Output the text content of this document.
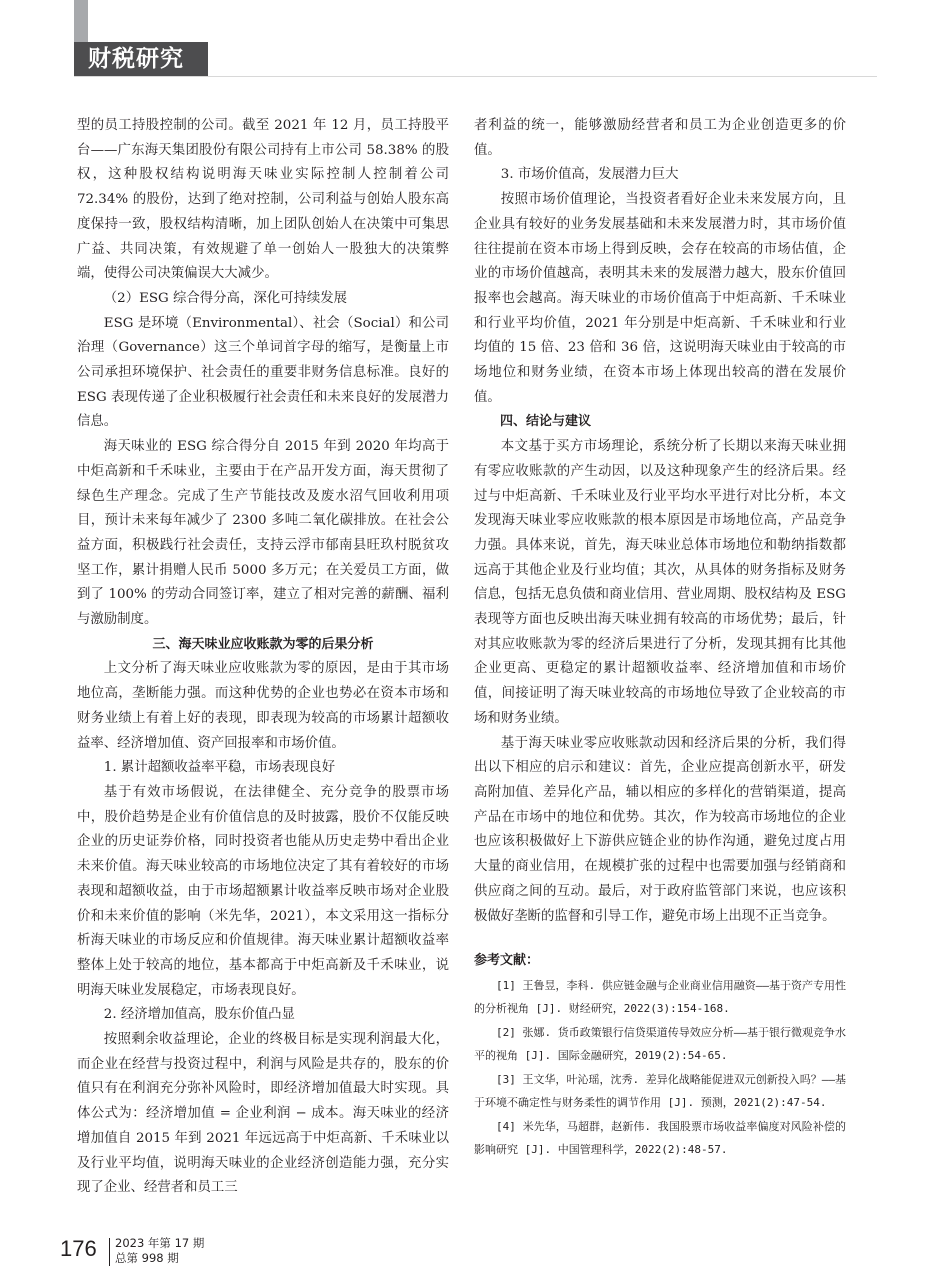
财税研究

型的员工持股控制的公司。截至 2021 年 12 月，员工持股平台——广东海天集团股份有限公司持有上市公司 58.38% 的股权，这种股权结构说明海天味业实际控制人控制着公司 72.34% 的股份，达到了绝对控制，公司利益与创始人股东高度保持一致，股权结构清晰，加上团队创始人在决策中可集思广益、共同决策，有效规避了单一创始人一股独大的决策弊端，使得公司决策偏误大大减少。

（2）ESG 综合得分高，深化可持续发展

ESG 是环境（Environmental）、社会（Social）和公司治理（Governance）这三个单词首字母的缩写，是衡量上市公司承担环境保护、社会责任的重要非财务信息标准。良好的 ESG 表现传递了企业积极履行社会责任和未来良好的发展潜力信息。

海天味业的 ESG 综合得分自 2015 年到 2020 年均高于中炬高新和千禾味业，主要由于在产品开发方面，海天贯彻了绿色生产理念。完成了生产节能技改及废水沼气回收利用项目，预计未来每年减少了 2300 多吨二氧化碳排放。在社会公益方面，积极践行社会责任，支持云浮市郁南县旺玖村脱贫攻坚工作，累计捐赠人民币 5000 多万元；在关爱员工方面，做到了 100% 的劳动合同签订率，建立了相对完善的薪酬、福利与激励制度。

三、海天味业应收账款为零的后果分析

上文分析了海天味业应收账款为零的原因，是由于其市场地位高，垄断能力强。而这种优势的企业也势必在资本市场和财务业绩上有着上好的表现，即表现为较高的市场累计超额收益率、经济增加值、资产回报率和市场价值。

1. 累计超额收益率平稳，市场表现良好

基于有效市场假说，在法律健全、充分竞争的股票市场中，股价趋势是企业有价值信息的及时披露，股价不仅能反映企业的历史证券价格，同时投资者也能从历史走势中看出企业未来价值。海天味业较高的市场地位决定了其有着较好的市场表现和超额收益，由于市场超额累计收益率反映市场对企业股价和未来价值的影响（米先华，2021），本文采用这一指标分析海天味业的市场反应和价值规律。海天味业累计超额收益率整体上处于较高的地位，基本都高于中炬高新及千禾味业，说明海天味业发展稳定，市场表现良好。

2. 经济增加值高，股东价值凸显

按照剩余收益理论，企业的终极目标是实现利润最大化，而企业在经营与投资过程中，利润与风险是共存的，股东的价值只有在利润充分弥补风险时，即经济增加值最大时实现。具体公式为：经济增加值 = 企业利润 − 成本。海天味业的经济增加值自 2015 年到 2021 年远远高于中炬高新、千禾味业以及行业平均值，说明海天味业的企业经济创造能力强，充分实现了企业、经营者和员工三

者利益的统一，能够激励经营者和员工为企业创造更多的价值。

3. 市场价值高，发展潜力巨大

按照市场价值理论，当投资者看好企业未来发展方向，且企业具有较好的业务发展基础和未来发展潜力时，其市场价值往往提前在资本市场上得到反映，会存在较高的市场估值，企业的市场价值越高，表明其未来的发展潜力越大，股东价值回报率也会越高。海天味业的市场价值高于中炬高新、千禾味业和行业平均价值，2021 年分别是中炬高新、千禾味业和行业均值的 15 倍、23 倍和 36 倍，这说明海天味业由于较高的市场地位和财务业绩，在资本市场上体现出较高的潜在发展价值。

四、结论与建议

本文基于买方市场理论，系统分析了长期以来海天味业拥有零应收账款的产生动因，以及这种现象产生的经济后果。经过与中炬高新、千禾味业及行业平均水平进行对比分析，本文发现海天味业零应收账款的根本原因是市场地位高，产品竞争力强。具体来说，首先，海天味业总体市场地位和勒纳指数都远高于其他企业及行业均值；其次，从具体的财务指标及财务信息，包括无息负债和商业信用、营业周期、股权结构及 ESG 表现等方面也反映出海天味业拥有较高的市场优势；最后，针对其应收账款为零的经济后果进行了分析，发现其拥有比其他企业更高、更稳定的累计超额收益率、经济增加值和市场价值，间接证明了海天味业较高的市场地位导致了企业较高的市场和财务业绩。

基于海天味业零应收账款动因和经济后果的分析，我们得出以下相应的启示和建议：首先，企业应提高创新水平，研发高附加值、差异化产品，辅以相应的多样化的营销渠道，提高产品在市场中的地位和优势。其次，作为较高市场地位的企业也应该积极做好上下游供应链企业的协作沟通，避免过度占用大量的商业信用，在规模扩张的过程中也需要加强与经销商和供应商之间的互动。最后，对于政府监管部门来说，也应该积极做好垄断的监督和引导工作，避免市场上出现不正当竞争。

参考文献：

[1] 王鲁昱，李科. 供应链金融与企业商业信用融资——基于资产专用性的分析视角 [J]. 财经研究，2022(3):154-168.

[2] 张娜. 货币政策银行信贷渠道传导效应分析——基于银行微观竞争水平的视角 [J]. 国际金融研究，2019(2):54-65.

[3] 王文华，叶沁瑶，沈秀. 差异化战略能促进双元创新投入吗？——基于环境不确定性与财务柔性的调节作用 [J]. 预测，2021(2):47-54.

[4] 米先华，马超群，赵新伟. 我国股票市场收益率偏度对风险补偿的影响研究 [J]. 中国管理科学，2022(2):48-57.

176 2023 年第 17 期
总第 998 期
